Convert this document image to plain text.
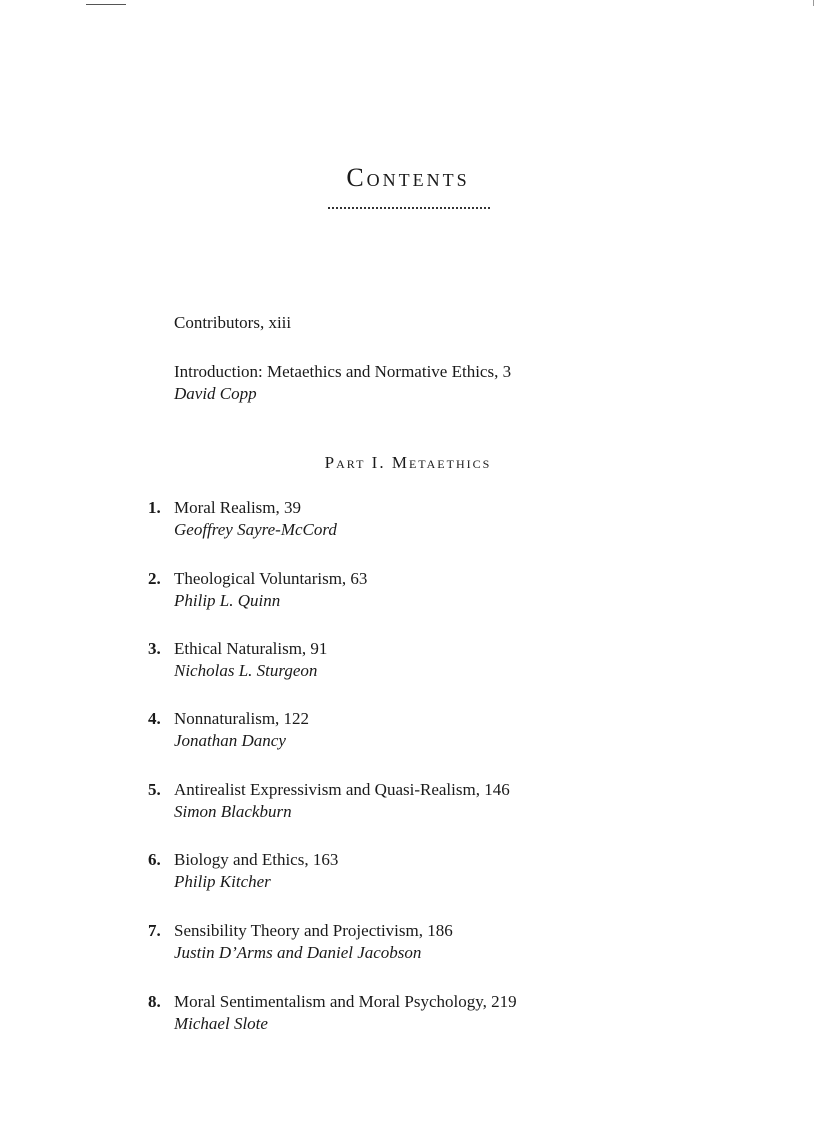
Contents
Contributors, xiii
Introduction: Metaethics and Normative Ethics, 3
David Copp
Part I. Metaethics
1. Moral Realism, 39
Geoffrey Sayre-McCord
2. Theological Voluntarism, 63
Philip L. Quinn
3. Ethical Naturalism, 91
Nicholas L. Sturgeon
4. Nonnaturalism, 122
Jonathan Dancy
5. Antirealist Expressivism and Quasi-Realism, 146
Simon Blackburn
6. Biology and Ethics, 163
Philip Kitcher
7. Sensibility Theory and Projectivism, 186
Justin D’Arms and Daniel Jacobson
8. Moral Sentimentalism and Moral Psychology, 219
Michael Slote
